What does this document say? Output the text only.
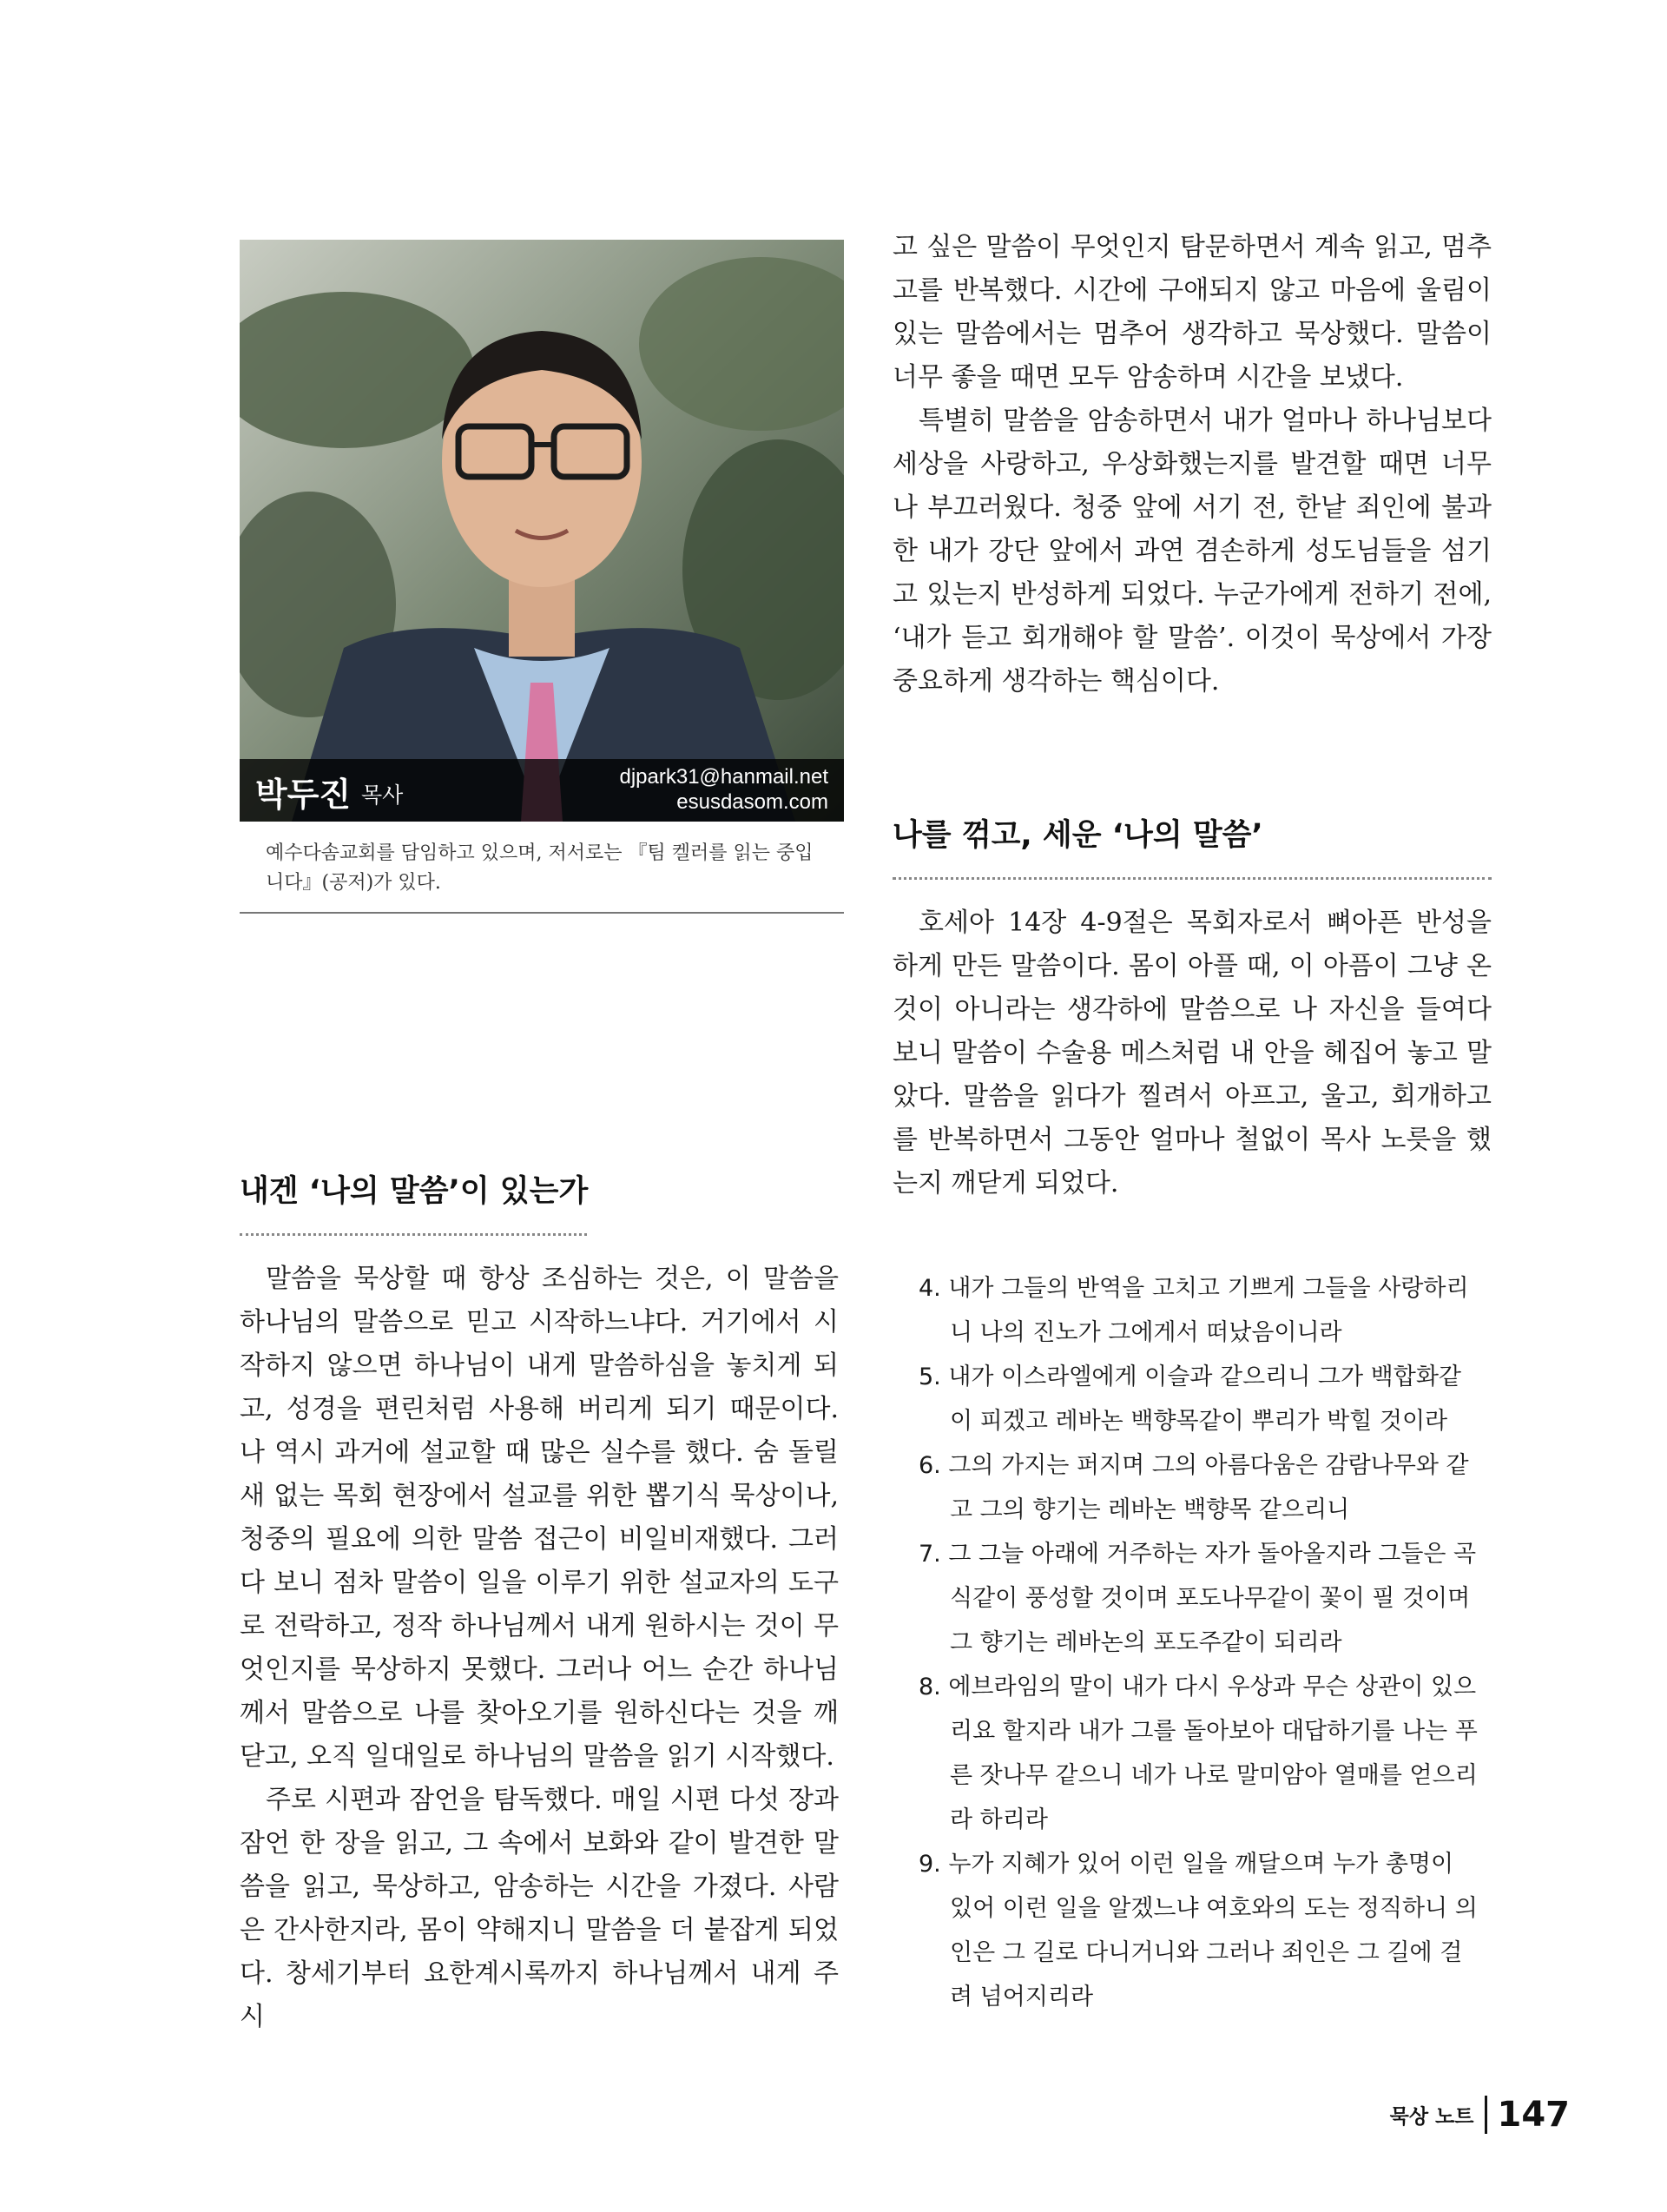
박두진 목사
djpark31@hanmail.net
esusdasom.com
예수다솜교회를 담임하고 있으며, 저서로는 『팀 켈러를 읽는 중입니다』(공저)가 있다.
내겐 ‘나의 말씀’이 있는가

말씀을 묵상할 때 항상 조심하는 것은, 이 말씀을 하나님의 말씀으로 믿고 시작하느냐다. 거기에서 시작하지 않으면 하나님이 내게 말씀하심을 놓치게 되고, 성경을 편린처럼 사용해 버리게 되기 때문이다. 나 역시 과거에 설교할 때 많은 실수를 했다. 숨 돌릴 새 없는 목회 현장에서 설교를 위한 뽑기식 묵상이나, 청중의 필요에 의한 말씀 접근이 비일비재했다. 그러다 보니 점차 말씀이 일을 이루기 위한 설교자의 도구로 전락하고, 정작 하나님께서 내게 원하시는 것이 무엇인지를 묵상하지 못했다. 그러나 어느 순간 하나님께서 말씀으로 나를 찾아오기를 원하신다는 것을 깨닫고, 오직 일대일로 하나님의 말씀을 읽기 시작했다.

주로 시편과 잠언을 탐독했다. 매일 시편 다섯 장과 잠언 한 장을 읽고, 그 속에서 보화와 같이 발견한 말씀을 읽고, 묵상하고, 암송하는 시간을 가졌다. 사람은 간사한지라, 몸이 약해지니 말씀을 더 붙잡게 되었다. 창세기부터 요한계시록까지 하나님께서 내게 주시

고 싶은 말씀이 무엇인지 탐문하면서 계속 읽고, 멈추고를 반복했다. 시간에 구애되지 않고 마음에 울림이 있는 말씀에서는 멈추어 생각하고 묵상했다. 말씀이 너무 좋을 때면 모두 암송하며 시간을 보냈다.

특별히 말씀을 암송하면서 내가 얼마나 하나님보다 세상을 사랑하고, 우상화했는지를 발견할 때면 너무나 부끄러웠다. 청중 앞에 서기 전, 한낱 죄인에 불과한 내가 강단 앞에서 과연 겸손하게 성도님들을 섬기고 있는지 반성하게 되었다. 누군가에게 전하기 전에, ‘내가 듣고 회개해야 할 말씀’. 이것이 묵상에서 가장 중요하게 생각하는 핵심이다.

나를 꺾고, 세운 ‘나의 말씀’

호세아 14장 4-9절은 목회자로서 뼈아픈 반성을 하게 만든 말씀이다. 몸이 아플 때, 이 아픔이 그냥 온 것이 아니라는 생각하에 말씀으로 나 자신을 들여다보니 말씀이 수술용 메스처럼 내 안을 헤집어 놓고 말았다. 말씀을 읽다가 찔려서 아프고, 울고, 회개하고를 반복하면서 그동안 얼마나 철없이 목사 노릇을 했는지 깨닫게 되었다.

4. 내가 그들의 반역을 고치고 기쁘게 그들을 사랑하리니 나의 진노가 그에게서 떠났음이니라
5. 내가 이스라엘에게 이슬과 같으리니 그가 백합화같이 피겠고 레바논 백향목같이 뿌리가 박힐 것이라
6. 그의 가지는 퍼지며 그의 아름다움은 감람나무와 같고 그의 향기는 레바논 백향목 같으리니
7. 그 그늘 아래에 거주하는 자가 돌아올지라 그들은 곡식같이 풍성할 것이며 포도나무같이 꽃이 필 것이며 그 향기는 레바논의 포도주같이 되리라
8. 에브라임의 말이 내가 다시 우상과 무슨 상관이 있으리요 할지라 내가 그를 돌아보아 대답하기를 나는 푸른 잣나무 같으니 네가 나로 말미암아 열매를 얻으리라 하리라
9. 누가 지혜가 있어 이런 일을 깨달으며 누가 총명이 있어 이런 일을 알겠느냐 여호와의 도는 정직하니 의인은 그 길로 다니거니와 그러나 죄인은 그 길에 걸려 넘어지리라
묵상 노트 147
